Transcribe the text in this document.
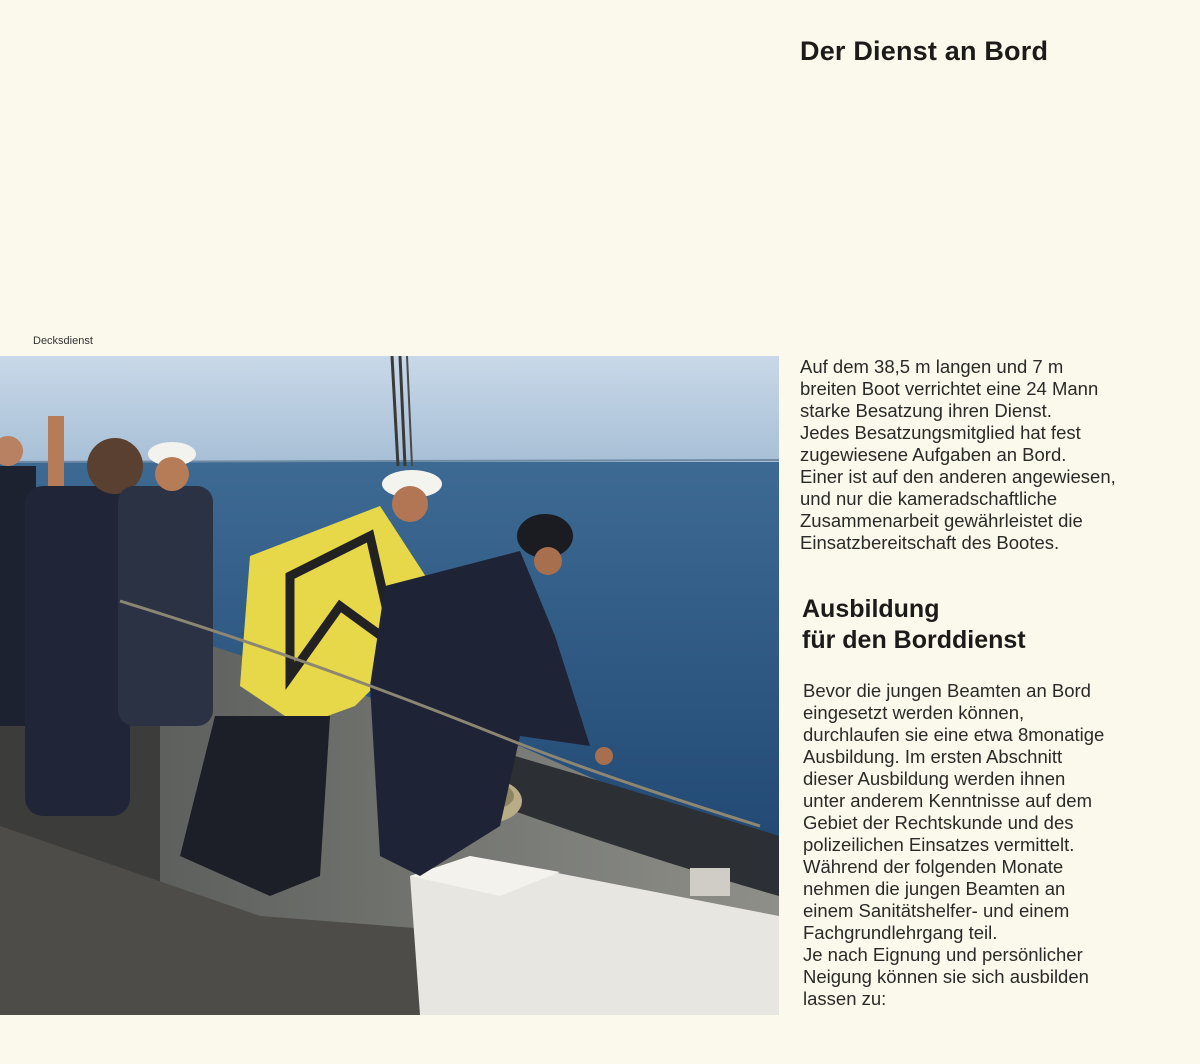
Der Dienst an Bord

Decksdienst

Auf dem 38,5 m langen und 7 m
breiten Boot verrichtet eine 24 Mann
starke Besatzung ihren Dienst.
Jedes Besatzungsmitglied hat fest
zugewiesene Aufgaben an Bord.
Einer ist auf den anderen angewiesen,
und nur die kameradschaftliche
Zusammenarbeit gewährleistet die
Einsatzbereitschaft des Bootes.

Ausbildung
für den Borddienst

Bevor die jungen Beamten an Bord
eingesetzt werden können,
durchlaufen sie eine etwa 8monatige
Ausbildung. Im ersten Abschnitt
dieser Ausbildung werden ihnen
unter anderem Kenntnisse auf dem
Gebiet der Rechtskunde und des
polizeilichen Einsatzes vermittelt.
Während der folgenden Monate
nehmen die jungen Beamten an
einem Sanitätshelfer- und einem
Fachgrundlehrgang teil.
Je nach Eignung und persönlicher
Neigung können sie sich ausbilden
lassen zu:
